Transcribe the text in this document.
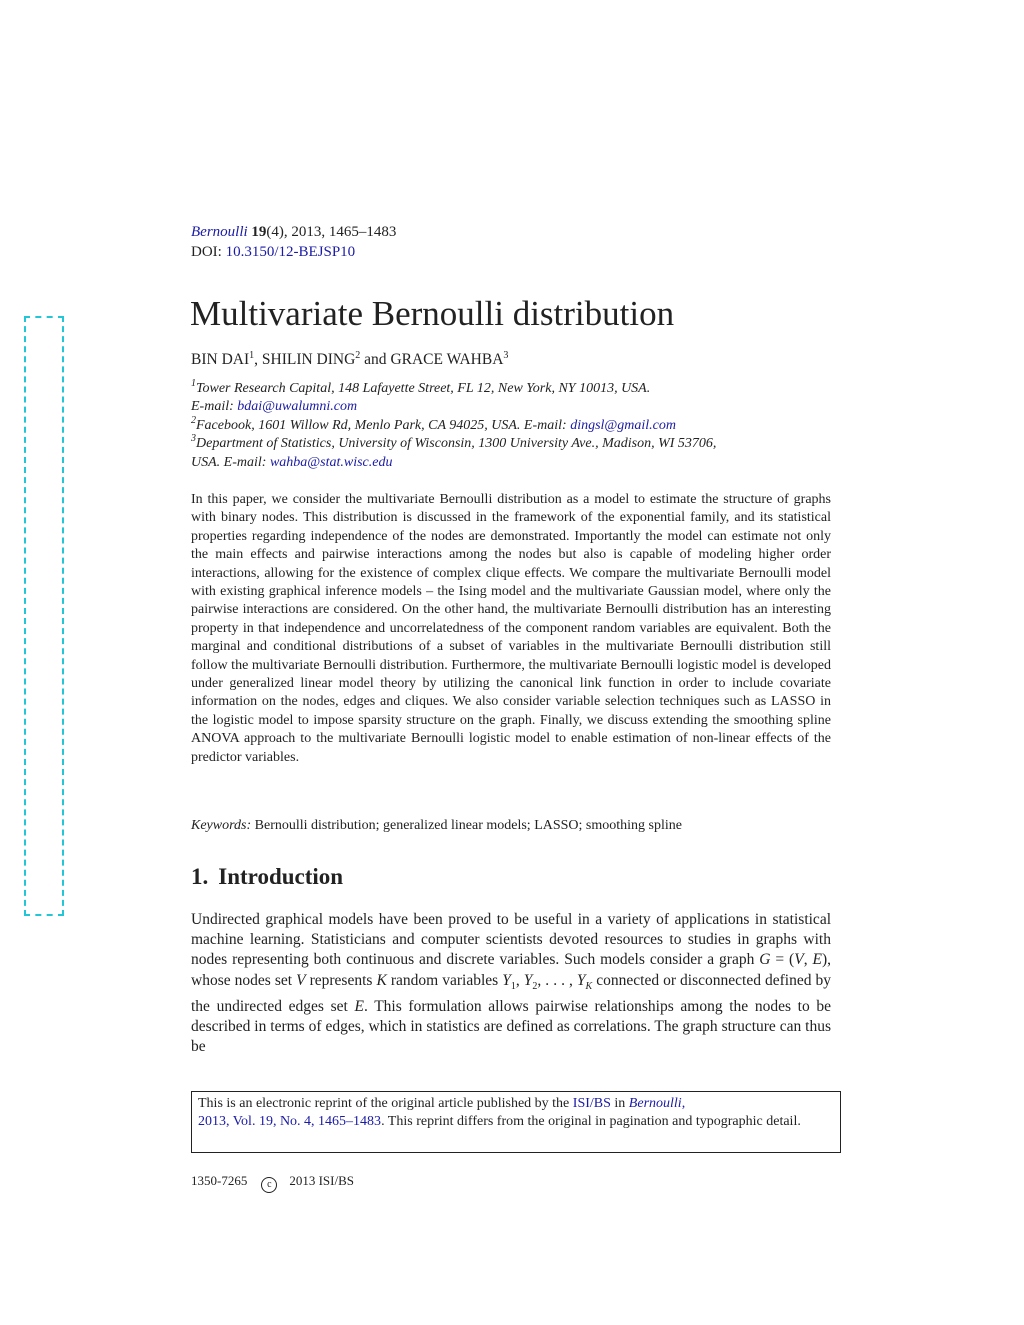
Bernoulli 19(4), 2013, 1465–1483
DOI: 10.3150/12-BEJSP10
Multivariate Bernoulli distribution
BIN DAI$^1$, SHILIN DING$^2$ and GRACE WAHBA$^3$
$^1$Tower Research Capital, 148 Lafayette Street, FL 12, New York, NY 10013, USA.
E-mail: bdai@uwalumni.com
$^2$Facebook, 1601 Willow Rd, Menlo Park, CA 94025, USA. E-mail: dingsl@gmail.com
$^3$Department of Statistics, University of Wisconsin, 1300 University Ave., Madison, WI 53706,
USA. E-mail: wahba@stat.wisc.edu

In this paper, we consider the multivariate Bernoulli distribution as a model to estimate the structure of graphs with binary nodes. This distribution is discussed in the framework of the exponential family, and its statistical properties regarding independence of the nodes are demonstrated. Importantly the model can estimate not only the main effects and pairwise interactions among the nodes but also is capable of modeling higher order interactions, allowing for the existence of complex clique effects. We compare the multivariate Bernoulli model with existing graphical inference models – the Ising model and the multivariate Gaussian model, where only the pairwise interactions are considered. On the other hand, the multivariate Bernoulli distribution has an interesting property in that independence and uncorrelatedness of the component random variables are equivalent. Both the marginal and conditional distributions of a subset of variables in the multivariate Bernoulli distribution still follow the multivariate Bernoulli distribution. Furthermore, the multivariate Bernoulli logistic model is developed under generalized linear model theory by utilizing the canonical link function in order to include covariate information on the nodes, edges and cliques. We also consider variable selection techniques such as LASSO in the logistic model to impose sparsity structure on the graph. Finally, we discuss extending the smoothing spline ANOVA approach to the multivariate Bernoulli logistic model to enable estimation of non-linear effects of the predictor variables.

Keywords: Bernoulli distribution; generalized linear models; LASSO; smoothing spline
1. Introduction

Undirected graphical models have been proved to be useful in a variety of applications in statistical machine learning. Statisticians and computer scientists devoted resources to studies in graphs with nodes representing both continuous and discrete variables. Such models consider a graph G = (V, E), whose nodes set V represents K random variables $Y_1$, $Y_2$, . . . , $Y_K$ connected or disconnected defined by the undirected edges set E. This formulation allows pairwise relationships among the nodes to be described in terms of edges, which in statistics are defined as correlations. The graph structure can thus be

This is an electronic reprint of the original article published by the ISI/BS in Bernoulli,
2013, Vol. 19, No. 4, 1465–1483. This reprint differs from the original in pagination and typographic detail.
1350-7265 c 2013 ISI/BS
